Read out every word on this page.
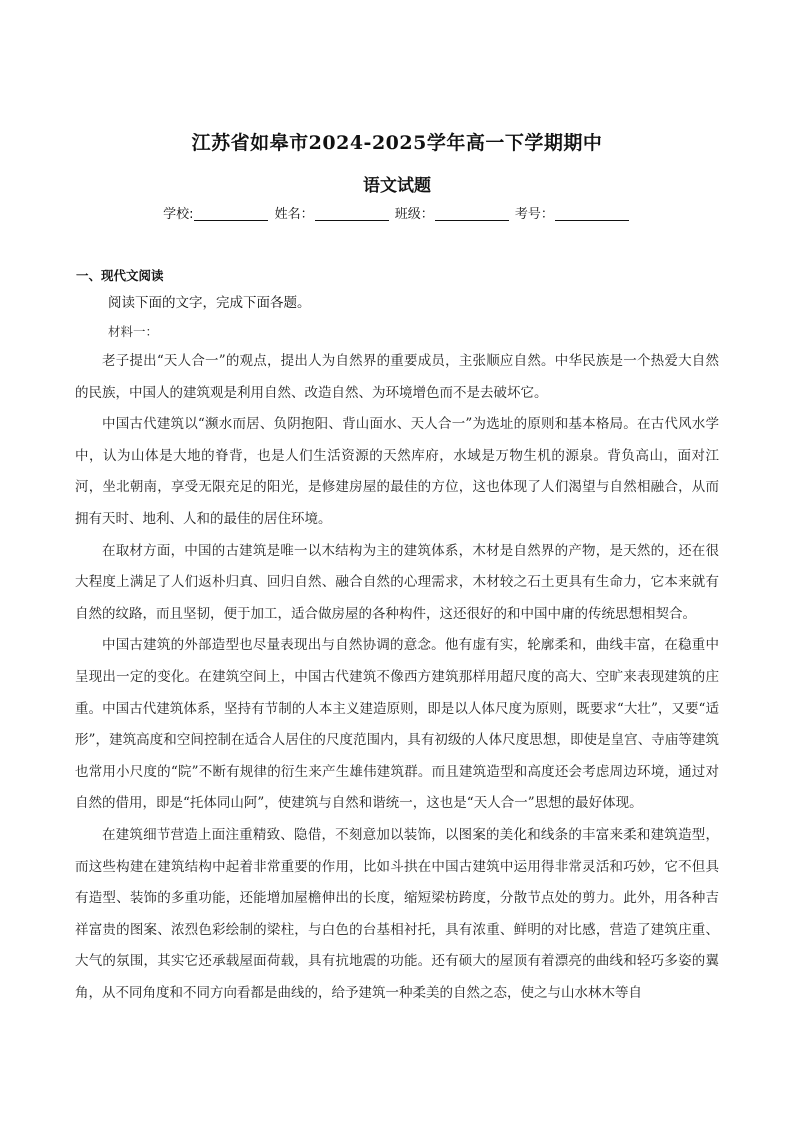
江苏省如皋市2024-2025学年高一下学期期中
语文试题
学校:	姓名：	班级：	考号：
一、现代文阅读
阅读下面的文字，完成下面各题。
材料一：

老子提出“天人合一”的观点，提出人为自然界的重要成员，主张顺应自然。中华民族是一个热爱大自然的民族，中国人的建筑观是利用自然、改造自然、为环境增色而不是去破坏它。

中国古代建筑以“濒水而居、负阴抱阳、背山面水、天人合一”为选址的原则和基本格局。在古代风水学中，认为山体是大地的脊背，也是人们生活资源的天然库府，水域是万物生机的源泉。背负高山，面对江河，坐北朝南，享受无限充足的阳光，是修建房屋的最佳的方位，这也体现了人们渴望与自然相融合，从而拥有天时、地利、人和的最佳的居住环境。

在取材方面，中国的古建筑是唯一以木结构为主的建筑体系，木材是自然界的产物，是天然的，还在很大程度上满足了人们返朴归真、回归自然、融合自然的心理需求，木材较之石土更具有生命力，它本来就有自然的纹路，而且坚韧，便于加工，适合做房屋的各种构件，这还很好的和中国中庸的传统思想相契合。

中国古建筑的外部造型也尽量表现出与自然协调的意念。他有虚有实，轮廓柔和，曲线丰富，在稳重中呈现出一定的变化。在建筑空间上，中国古代建筑不像西方建筑那样用超尺度的高大、空旷来表现建筑的庄重。中国古代建筑体系，坚持有节制的人本主义建造原则，即是以人体尺度为原则，既要求“大壮”，又要“适形”，建筑高度和空间控制在适合人居住的尺度范围内，具有初级的人体尺度思想，即使是皇宫、寺庙等建筑也常用小尺度的“院”不断有规律的衍生来产生雄伟建筑群。而且建筑造型和高度还会考虑周边环境，通过对自然的借用，即是“托体同山阿”，使建筑与自然和谐统一，这也是“天人合一”思想的最好体现。

在建筑细节营造上面注重精致、隐借，不刻意加以装饰，以图案的美化和线条的丰富来柔和建筑造型，而这些构建在建筑结构中起着非常重要的作用，比如斗拱在中国古建筑中运用得非常灵活和巧妙，它不但具有造型、装饰的多重功能，还能增加屋檐伸出的长度，缩短梁枋跨度，分散节点处的剪力。此外，用各种吉祥富贵的图案、浓烈色彩绘制的梁柱，与白色的台基相衬托，具有浓重、鲜明的对比感，营造了建筑庄重、大气的氛围，其实它还承载屋面荷载，具有抗地震的功能。还有硕大的屋顶有着漂亮的曲线和轻巧多姿的翼角，从不同角度和不同方向看都是曲线的，给予建筑一种柔美的自然之态，使之与山水林木等自
